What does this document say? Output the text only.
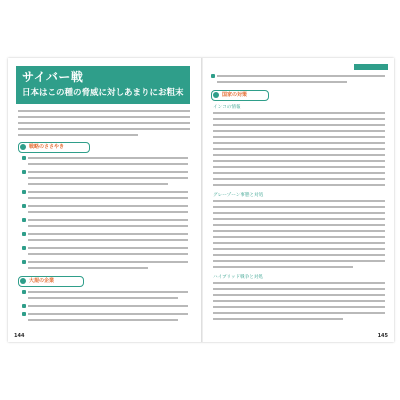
サイバー戦
日本はこの種の脅威に対しあまりにお粗末
戦略のささやき
大規の企業
144
国家の対策
インコの情報
グレーゾーン事態と対処
ハイブリッド戦争と対処
145
